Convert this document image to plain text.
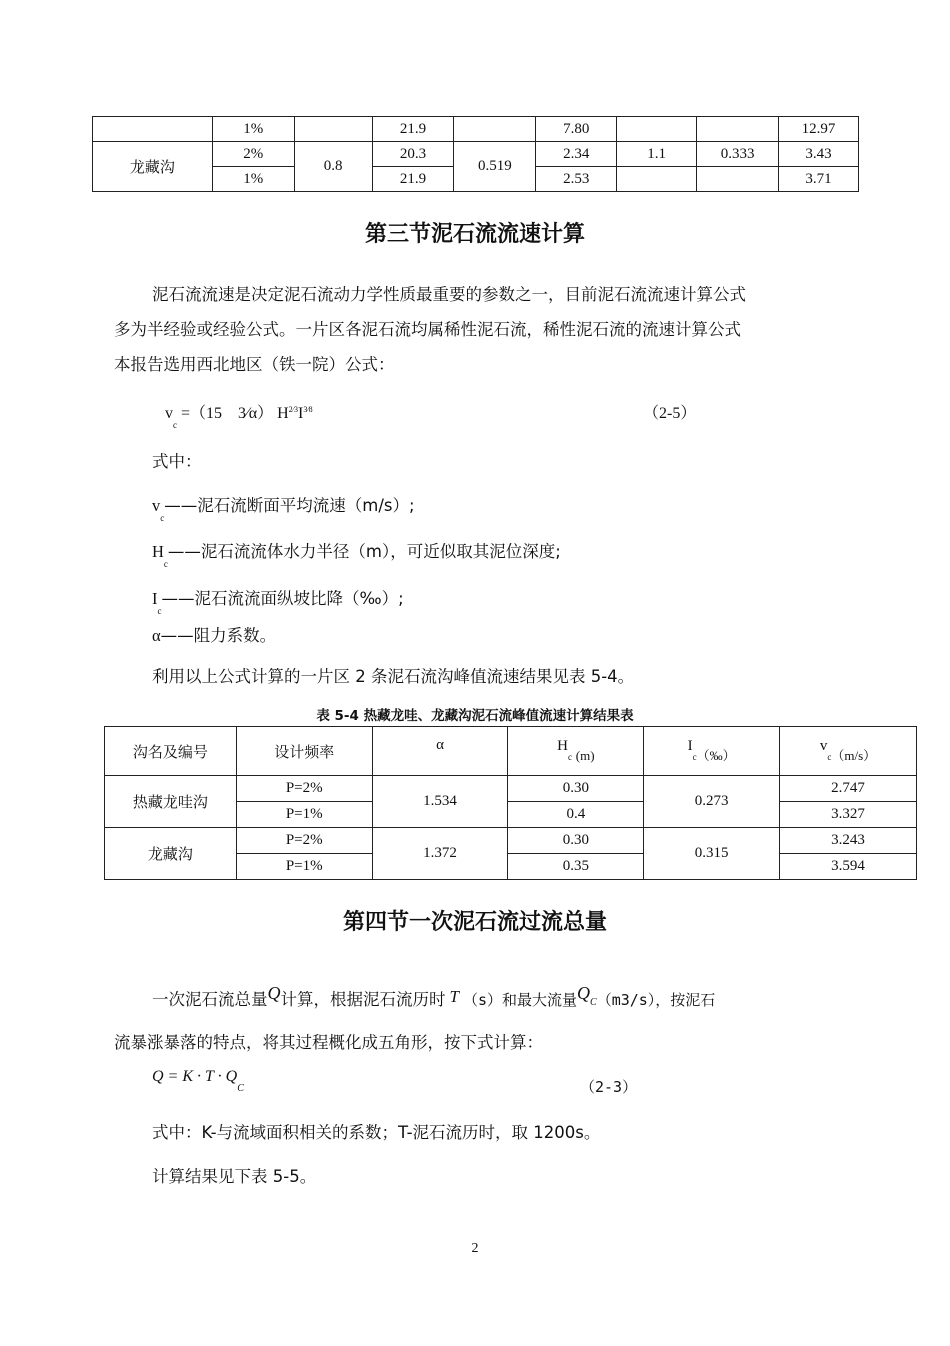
	1%		21.9		7.80			12.97
龙藏沟	2%	0.8	20.3	0.519	2.34	1.1	0.333	3.43
	1%		21.9		2.53			3.71
第三节泥石流流速计算
泥石流流速是决定泥石流动力学性质最重要的参数之一，目前泥石流流速计算公式
多为半经验或经验公式。一片区各泥石流均属稀性泥石流，稀性泥石流的流速计算公式
本报告选用西北地区（铁一院）公式：
$v_c =(15$　3⁄α） $H^{2⁄3}I^{3⁄8}$	（2-5）
式中：
$v_c——$泥石流断面平均流速（m/s）;
$H_c——$泥石流流体水力半径（m），可近似取其泥位深度;
$I_c——$泥石流流面纵坡比降（‰）;
α——阻力系数。
利用以上公式计算的一片区 2 条泥石流沟峰值流速结果见表 5-4。
表 5-4 热藏龙哇、龙藏沟泥石流峰值流速计算结果表
沟名及编号	设计频率	α	$H_c$ (m)	$I_c(‰)$	$v_c(m/s)$
热藏龙哇沟	P=2%	1.534	0.30	0.273	2.747
	P=1%		0.4		3.327
龙藏沟	P=2%	1.372	0.30	0.315	3.243
	P=1%		0.35		3.594
第四节一次泥石流过流总量
一次泥石流总量Q计算，根据泥石流历时 T （s）和最大流量QC（m3/s），按泥石
流暴涨暴落的特点，将其过程概化成五角形，按下式计算：
$Q = K \cdot T \cdot Q_C$	（2-3）
式中：K-与流域面积相关的系数；T-泥石流历时，取 1200s。
计算结果见下表 5-5。
2
